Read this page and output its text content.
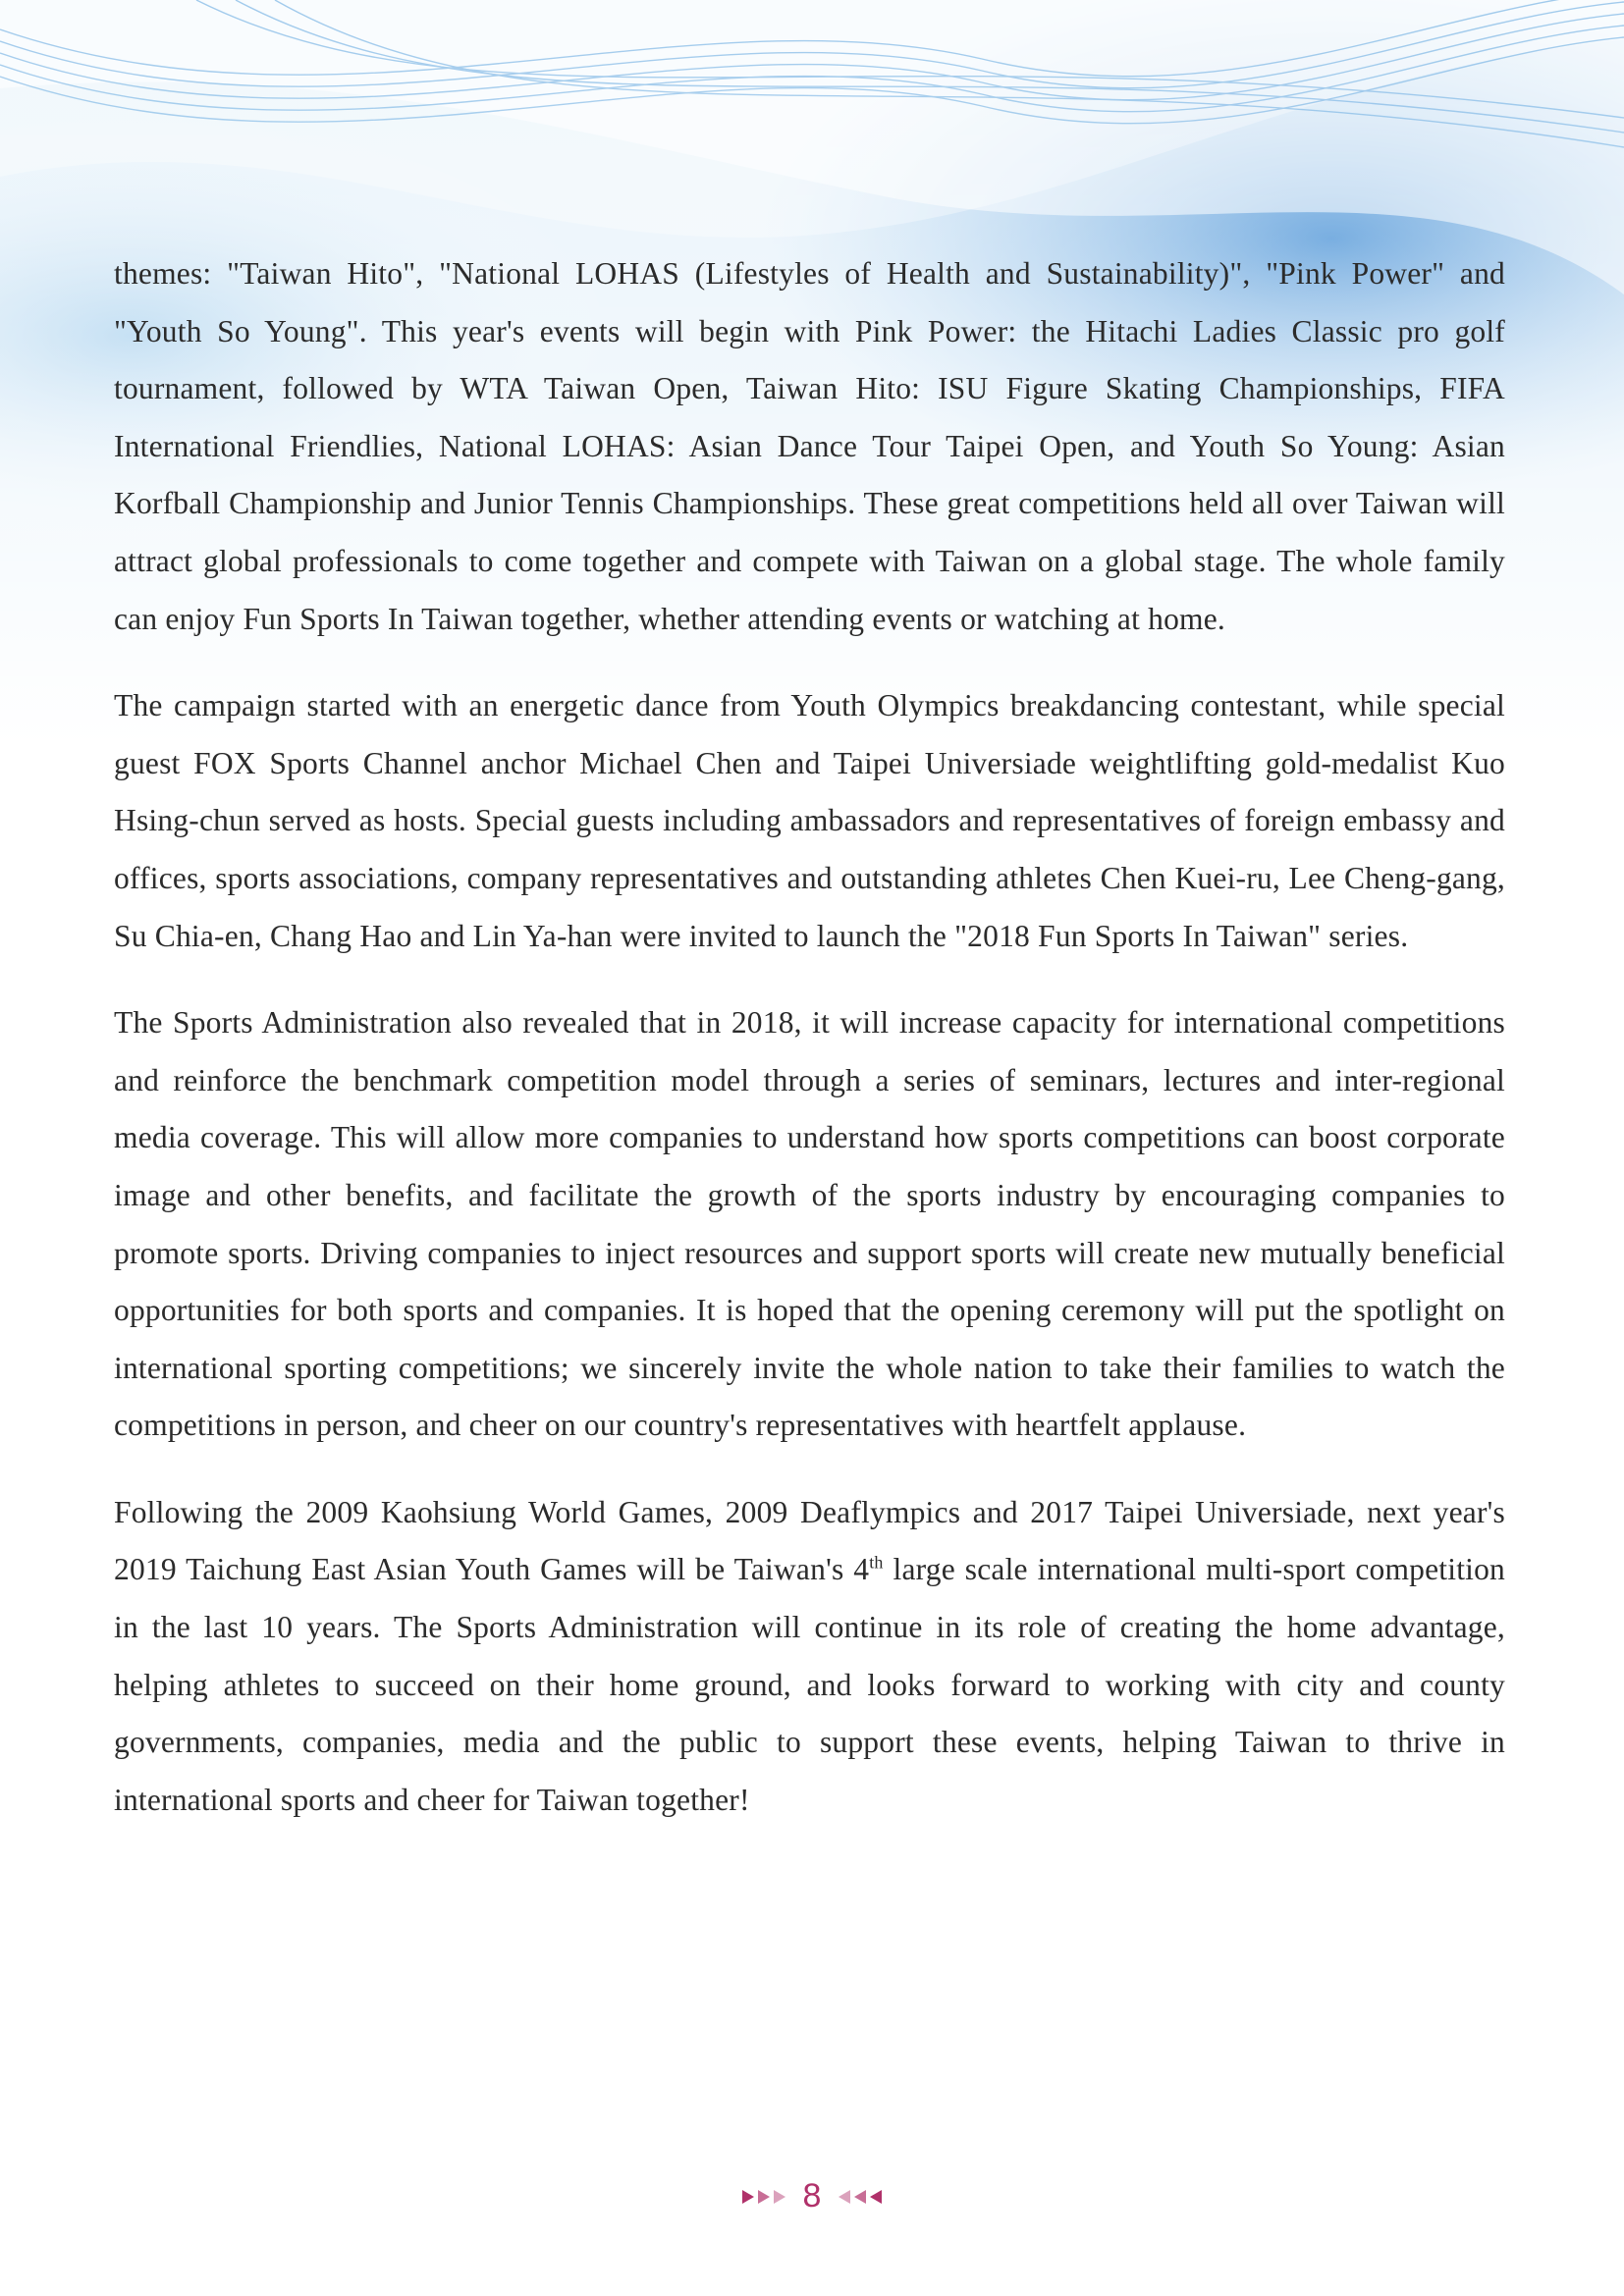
themes: "Taiwan Hito", "National LOHAS (Lifestyles of Health and Sustainability)", "Pink Power" and "Youth So Young". This year's events will begin with Pink Power: the Hitachi Ladies Classic pro golf tournament, followed by WTA Taiwan Open, Taiwan Hito: ISU Figure Skating Championships, FIFA International Friendlies, National LOHAS: Asian Dance Tour Taipei Open, and Youth So Young: Asian Korfball Championship and Junior Tennis Championships. These great competitions held all over Taiwan will attract global professionals to come together and compete with Taiwan on a global stage. The whole family can enjoy Fun Sports In Taiwan together, whether attending events or watching at home.

The campaign started with an energetic dance from Youth Olympics breakdancing contestant, while special guest FOX Sports Channel anchor Michael Chen and Taipei Universiade weightlifting gold-medalist Kuo Hsing-chun served as hosts. Special guests including ambassadors and representatives of foreign embassy and offices, sports associations, company representatives and outstanding athletes Chen Kuei-ru, Lee Cheng-gang, Su Chia-en, Chang Hao and Lin Ya-han were invited to launch the "2018 Fun Sports In Taiwan" series.

The Sports Administration also revealed that in 2018, it will increase capacity for international competitions and reinforce the benchmark competition model through a series of seminars, lectures and inter-regional media coverage. This will allow more companies to understand how sports competitions can boost corporate image and other benefits, and facilitate the growth of the sports industry by encouraging companies to promote sports. Driving companies to inject resources and support sports will create new mutually beneficial opportunities for both sports and companies. It is hoped that the opening ceremony will put the spotlight on international sporting competitions; we sincerely invite the whole nation to take their families to watch the competitions in person, and cheer on our country's representatives with heartfelt applause.

Following the 2009 Kaohsiung World Games, 2009 Deaflympics and 2017 Taipei Universiade, next year's 2019 Taichung East Asian Youth Games will be Taiwan's 4th large scale international multi-sport competition in the last 10 years. The Sports Administration will continue in its role of creating the home advantage, helping athletes to succeed on their home ground, and looks forward to working with city and county governments, companies, media and the public to support these events, helping Taiwan to thrive in international sports and cheer for Taiwan together!

8
